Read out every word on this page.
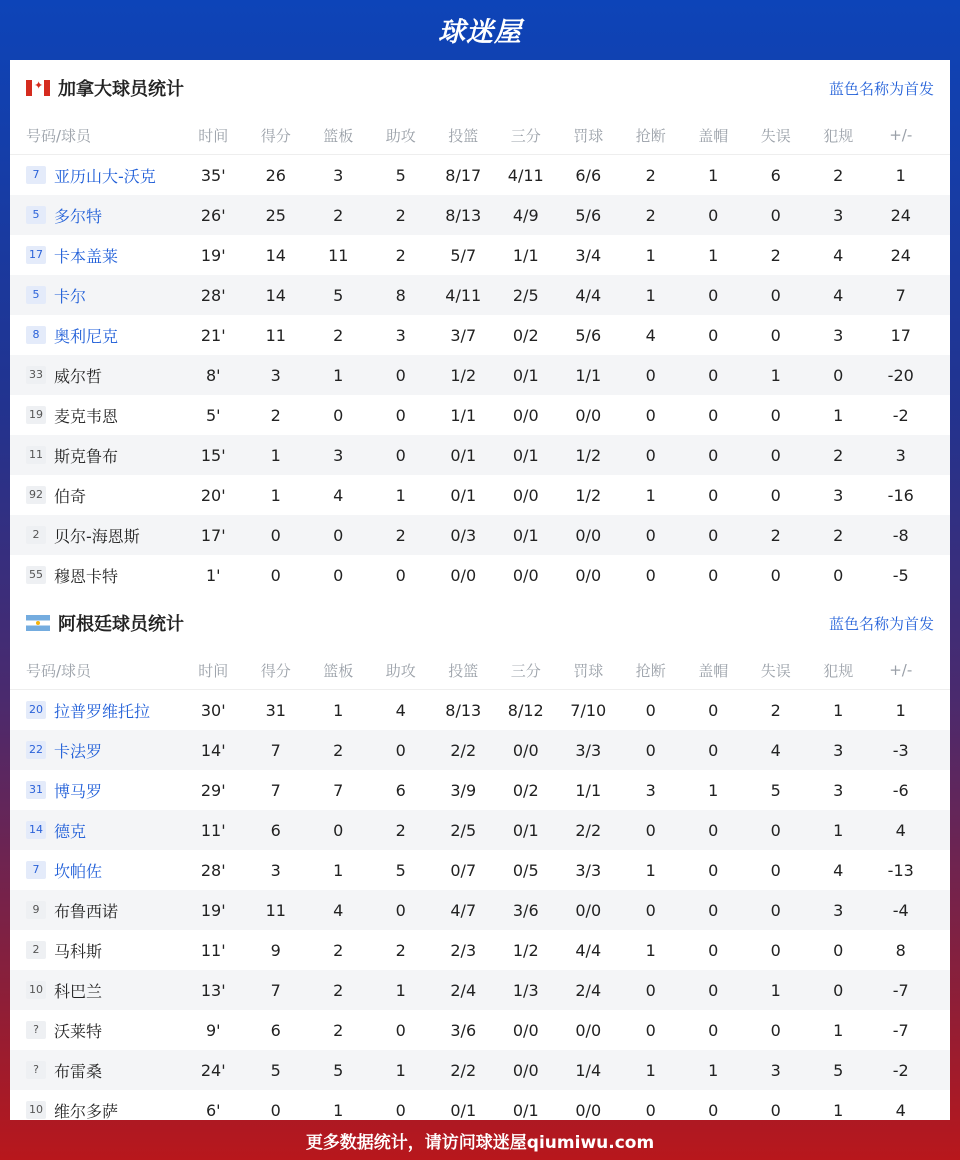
球迷屋
✦
加拿大球员统计	蓝色名称为首发
号码/球员	时间	得分	篮板	助攻	投篮	三分	罚球	抢断	盖帽	失误	犯规	+/-
7 亚历山大-沃克	35'	26	3	5	8/17	4/11	6/6	2	1	6	2	1
5 多尔特	26'	25	2	2	8/13	4/9	5/6	2	0	0	3	24
17 卡本盖莱	19'	14	11	2	5/7	1/1	3/4	1	1	2	4	24
5 卡尔	28'	14	5	8	4/11	2/5	4/4	1	0	0	4	7
8 奥利尼克	21'	11	2	3	3/7	0/2	5/6	4	0	0	3	17
33 威尔哲	8'	3	1	0	1/2	0/1	1/1	0	0	1	0	-20
19 麦克韦恩	5'	2	0	0	1/1	0/0	0/0	0	0	0	1	-2
11 斯克鲁布	15'	1	3	0	0/1	0/1	1/2	0	0	0	2	3
92 伯奇	20'	1	4	1	0/1	0/0	1/2	1	0	0	3	-16
2 贝尔-海恩斯	17'	0	0	2	0/3	0/1	0/0	0	0	2	2	-8
55 穆恩卡特	1'	0	0	0	0/0	0/0	0/0	0	0	0	0	-5
阿根廷球员统计	蓝色名称为首发
号码/球员	时间	得分	篮板	助攻	投篮	三分	罚球	抢断	盖帽	失误	犯规	+/-
20 拉普罗维托拉	30'	31	1	4	8/13	8/12	7/10	0	0	2	1	1
22 卡法罗	14'	7	2	0	2/2	0/0	3/3	0	0	4	3	-3
31 博马罗	29'	7	7	6	3/9	0/2	1/1	3	1	5	3	-6
14 德克	11'	6	0	2	2/5	0/1	2/2	0	0	0	1	4
7 坎帕佐	28'	3	1	5	0/7	0/5	3/3	1	0	0	4	-13
9 布鲁西诺	19'	11	4	0	4/7	3/6	0/0	0	0	0	3	-4
2 马科斯	11'	9	2	2	2/3	1/2	4/4	1	0	0	0	8
10 科巴兰	13'	7	2	1	2/4	1/3	2/4	0	0	1	0	-7
? 沃莱特	9'	6	2	0	3/6	0/0	0/0	0	0	0	1	-7
? 布雷桑	24'	5	5	1	2/2	0/0	1/4	1	1	3	5	-2
10 维尔多萨	6'	0	1	0	0/1	0/1	0/0	0	0	0	1	4
更多数据统计，请访问球迷屋qiumiwu.com
